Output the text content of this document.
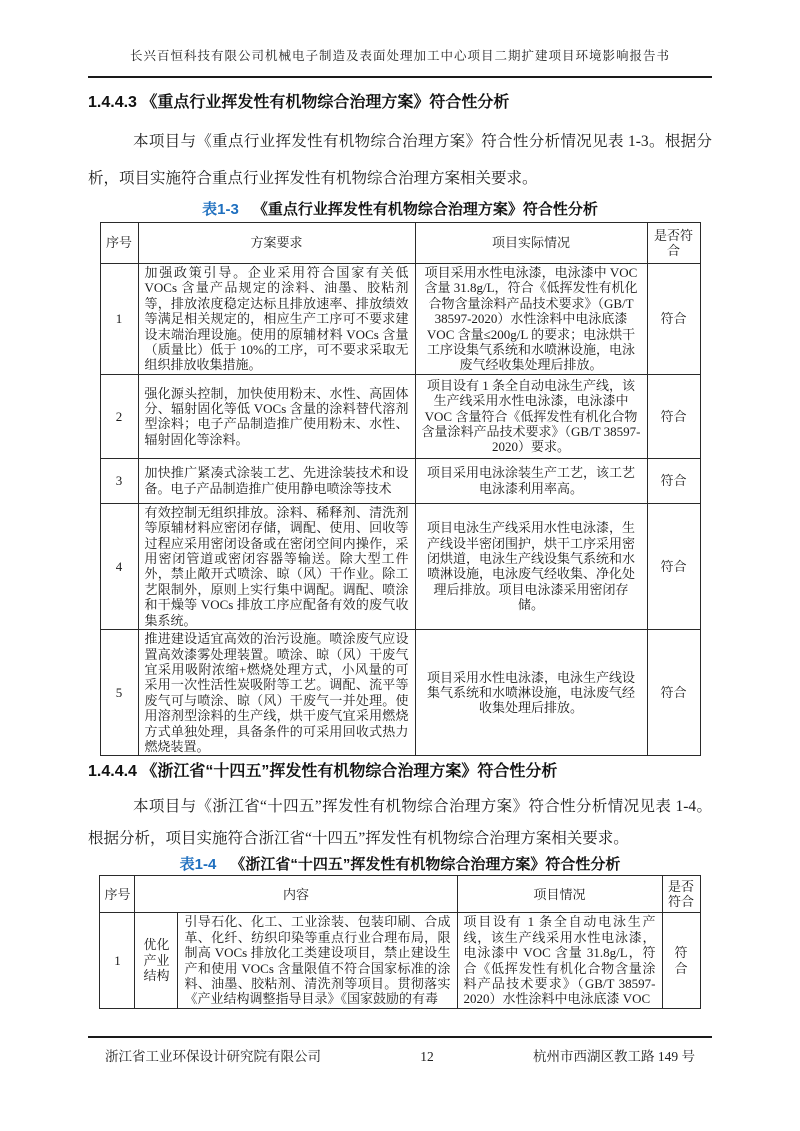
长兴百恒科技有限公司机械电子制造及表面处理加工中心项目二期扩建项目环境影响报告书
1.4.4.3 《重点行业挥发性有机物综合治理方案》符合性分析

本项目与《重点行业挥发性有机物综合治理方案》符合性分析情况见表 1-3。根据分析，项目实施符合重点行业挥发性有机物综合治理方案相关要求。

表1-3 《重点行业挥发性有机物综合治理方案》符合性分析
序号	方案要求	项目实际情况	是否符合
1	加强政策引导。企业采用符合国家有关低 VOCs 含量产品规定的涂料、油墨、胶粘剂等，排放浓度稳定达标且排放速率、排放绩效等满足相关规定的，相应生产工序可不要求建设末端治理设施。使用的原辅材料 VOCs 含量（质量比）低于 10%的工序，可不要求采取无组织排放收集措施。	项目采用水性电泳漆，电泳漆中 VOC 含量 31.8g/L，符合《低挥发性有机化合物含量涂料产品技术要求》（GB/T 38597-2020）水性涂料中电泳底漆 VOC 含量≤200g/L 的要求；电泳烘干工序设集气系统和水喷淋设施，电泳废气经收集处理后排放。	符合
2	强化源头控制，加快使用粉末、水性、高固体分、辐射固化等低 VOCs 含量的涂料替代溶剂型涂料；电子产品制造推广使用粉末、水性、辐射固化等涂料。	项目设有 1 条全自动电泳生产线，该生产线采用水性电泳漆，电泳漆中 VOC 含量符合《低挥发性有机化合物含量涂料产品技术要求》（GB/T 38597-2020）要求。	符合
3	加快推广紧凑式涂装工艺、先进涂装技术和设备。电子产品制造推广使用静电喷涂等技术	项目采用电泳涂装生产工艺，该工艺电泳漆利用率高。	符合
4	有效控制无组织排放。涂料、稀释剂、清洗剂等原辅材料应密闭存储，调配、使用、回收等过程应采用密闭设备或在密闭空间内操作，采用密闭管道或密闭容器等输送。除大型工件外，禁止敞开式喷涂、晾（风）干作业。除工艺限制外，原则上实行集中调配。调配、喷涂和干燥等 VOCs 排放工序应配备有效的废气收集系统。	项目电泳生产线采用水性电泳漆，生产线设半密闭围护，烘干工序采用密闭烘道，电泳生产线设集气系统和水喷淋设施，电泳废气经收集、净化处理后排放。项目电泳漆采用密闭存储。	符合
5	推进建设适宜高效的治污设施。喷涂废气应设置高效漆雾处理装置。喷涂、晾（风）干废气宜采用吸附浓缩+燃烧处理方式，小风量的可采用一次性活性炭吸附等工艺。调配、流平等废气可与喷涂、晾（风）干废气一并处理。使用溶剂型涂料的生产线，烘干废气宜采用燃烧方式单独处理，具备条件的可采用回收式热力燃烧装置。	项目采用水性电泳漆，电泳生产线设集气系统和水喷淋设施，电泳废气经收集处理后排放。	符合
1.4.4.4 《浙江省“十四五”挥发性有机物综合治理方案》符合性分析

本项目与《浙江省“十四五”挥发性有机物综合治理方案》符合性分析情况见表 1-4。根据分析，项目实施符合浙江省“十四五”挥发性有机物综合治理方案相关要求。

表1-4 《浙江省“十四五”挥发性有机物综合治理方案》符合性分析
序号	内容		项目情况	是否符合
1	优化产业结构	引导石化、化工、工业涂装、包装印刷、合成革、化纤、纺织印染等重点行业合理布局，限制高 VOCs 排放化工类建设项目，禁止建设生产和使用 VOCs 含量限值不符合国家标准的涂料、油墨、胶粘剂、清洗剂等项目。贯彻落实《产业结构调整指导目录》《国家鼓励的有毒	项目设有 1 条全自动电泳生产线，该生产线采用水性电泳漆，电泳漆中 VOC 含量 31.8g/L，符合《低挥发性有机化合物含量涂料产品技术要求》（GB/T 38597-2020）水性涂料中电泳底漆 VOC	符合
浙江省工业环保设计研究院有限公司	12	杭州市西湖区教工路 149 号
